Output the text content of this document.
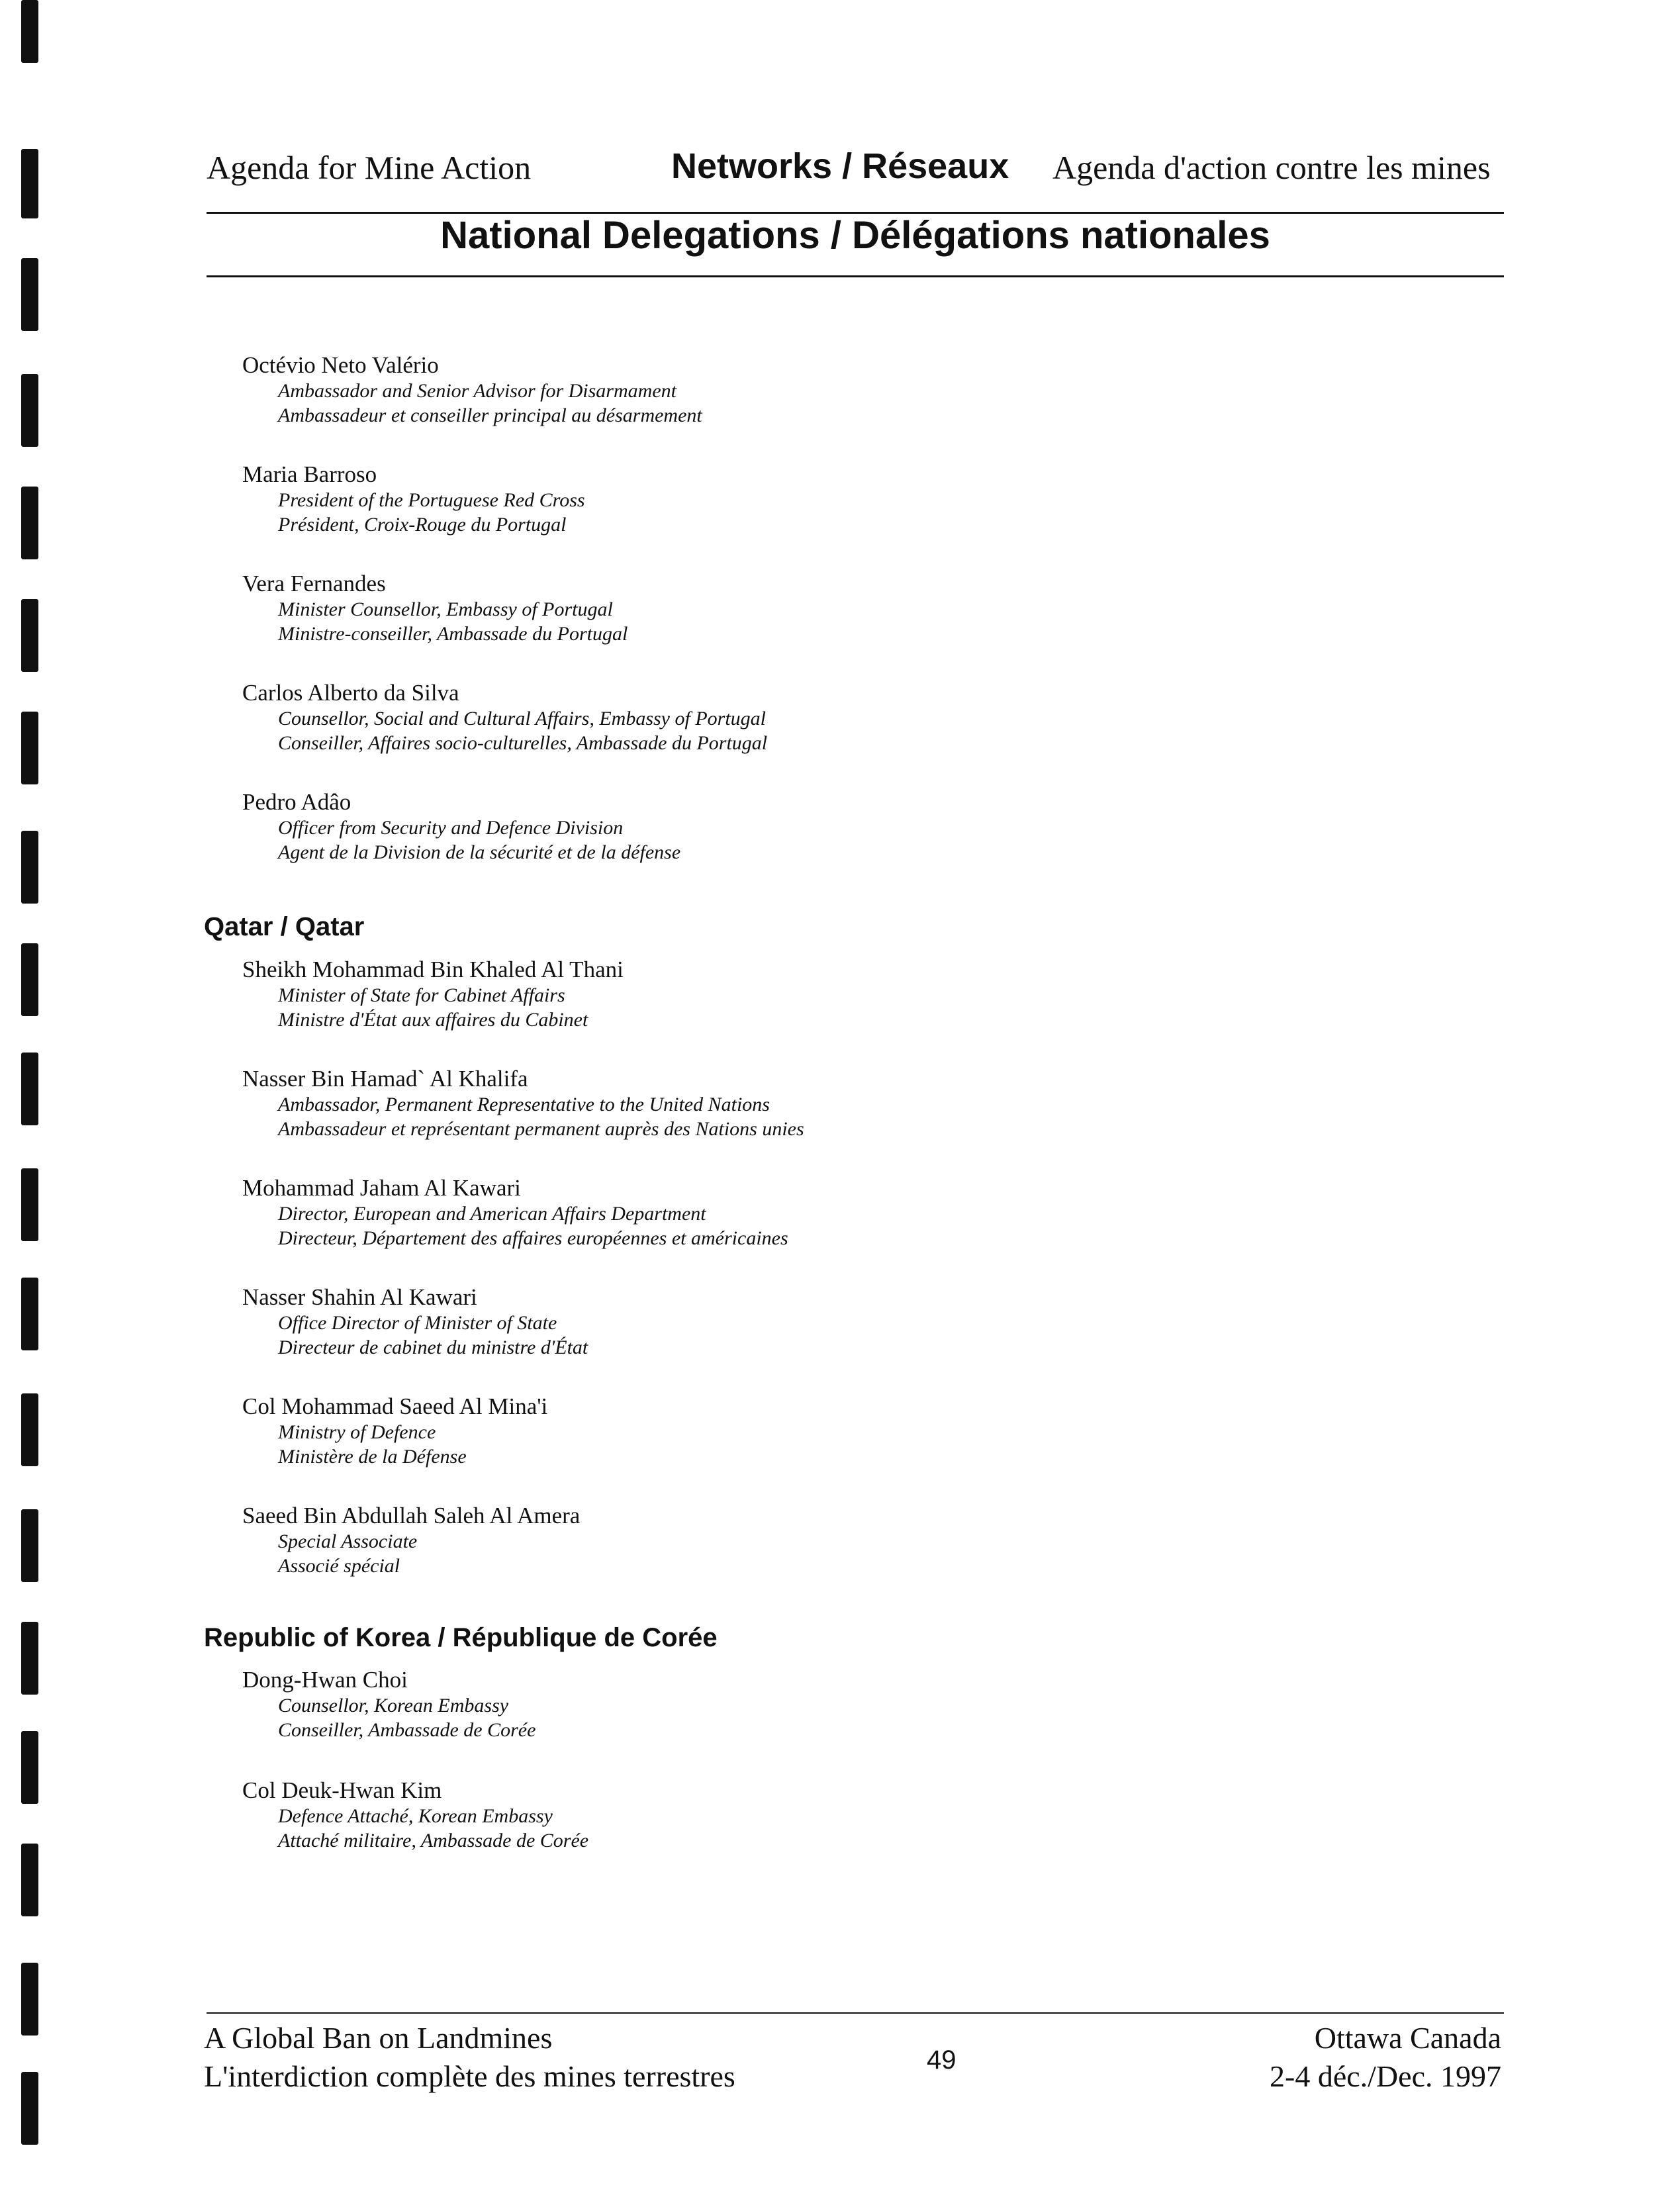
Agenda for Mine Action	Networks / Réseaux Agenda d'action contre les mines
National Delegations / Délégations nationales
Octévio Neto Valério
Ambassador and Senior Advisor for Disarmament
Ambassadeur et conseiller principal au désarmement
Maria Barroso
President of the Portuguese Red Cross
Président, Croix-Rouge du Portugal
Vera Fernandes
Minister Counsellor, Embassy of Portugal
Ministre-conseiller, Ambassade du Portugal
Carlos Alberto da Silva
Counsellor, Social and Cultural Affairs, Embassy of Portugal
Conseiller, Affaires socio-culturelles, Ambassade du Portugal
Pedro Adâo
Officer from Security and Defence Division
Agent de la Division de la sécurité et de la défense
Qatar / Qatar
Sheikh Mohammad Bin Khaled Al Thani
Minister of State for Cabinet Affairs
Ministre d'État aux affaires du Cabinet
Nasser Bin Hamad` Al Khalifa
Ambassador, Permanent Representative to the United Nations
Ambassadeur et représentant permanent auprès des Nations unies
Mohammad Jaham Al Kawari
Director, European and American Affairs Department
Directeur, Département des affaires européennes et américaines
Nasser Shahin Al Kawari
Office Director of Minister of State
Directeur de cabinet du ministre d'État
Col Mohammad Saeed Al Mina'i
Ministry of Defence
Ministère de la Défense
Saeed Bin Abdullah Saleh Al Amera
Special Associate
Associé spécial
Republic of Korea / République de Corée
Dong-Hwan Choi
Counsellor, Korean Embassy
Conseiller, Ambassade de Corée
Col Deuk-Hwan Kim
Defence Attaché, Korean Embassy
Attaché militaire, Ambassade de Corée
A Global Ban on Landmines
L'interdiction complète des mines terrestres	49
Ottawa Canada
2-4 déc./Dec. 1997
